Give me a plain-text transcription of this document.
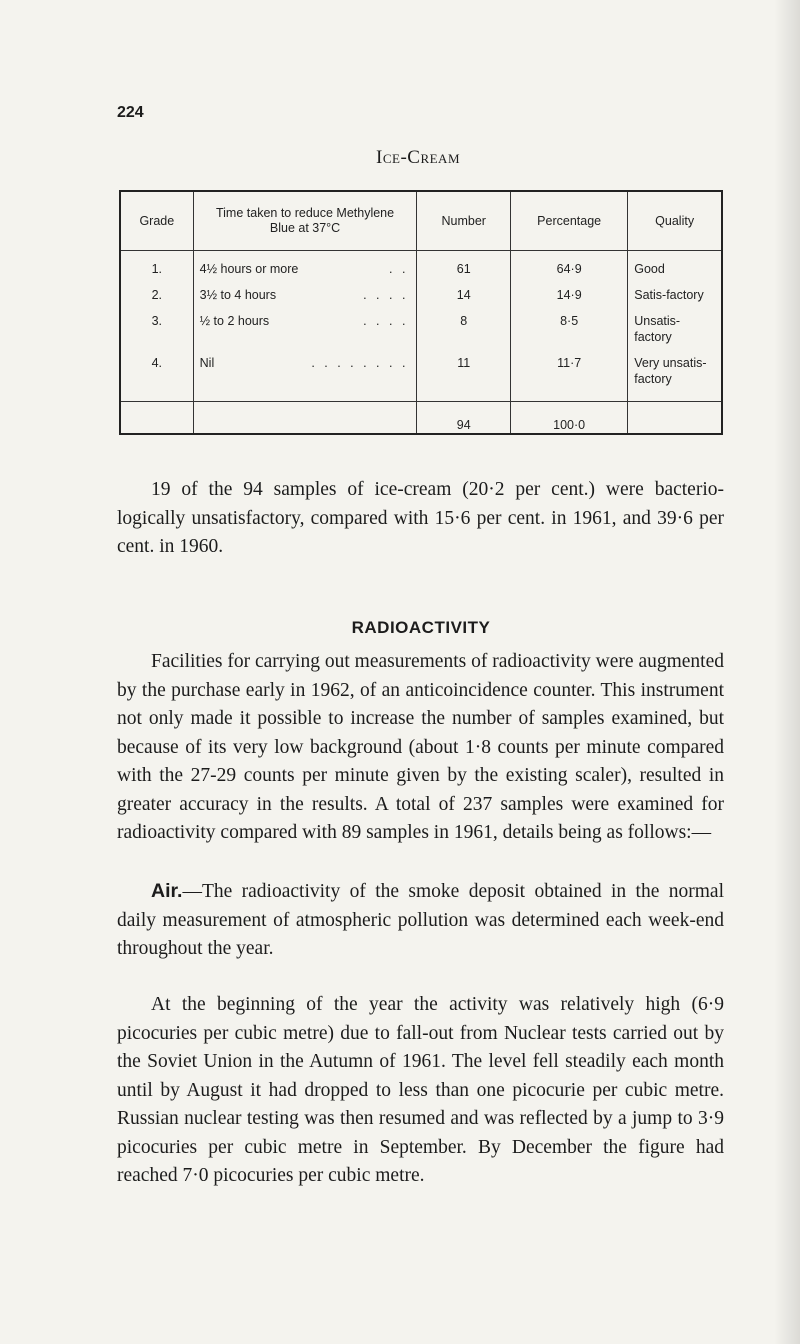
224
Ice-Cream
Grade	Time taken to reduce Methylene Blue at 37°C	Number	Percentage	Quality
1.	4½ hours or more . .	61	64·9	Good
2.	3½ to 4 hours . . . .	14	14·9	Satis-factory
3.	½ to 2 hours . . . .	8	8·5	Unsatis-factory
4.	Nil . . . . . . . .	11	11·7	Very unsatis-factory
		94	100·0	

19 of the 94 samples of ice-cream (20·2 per cent.) were bacterio-logically unsatisfactory, compared with 15·6 per cent. in 1961, and 39·6 per cent. in 1960.

RADIOACTIVITY

Facilities for carrying out measurements of radioactivity were augmented by the purchase early in 1962, of an anticoincidence counter. This instrument not only made it possible to increase the number of samples examined, but because of its very low background (about 1·8 counts per minute compared with the 27-29 counts per minute given by the existing scaler), resulted in greater accuracy in the results. A total of 237 samples were examined for radioactivity compared with 89 samples in 1961, details being as follows:—

Air.—The radioactivity of the smoke deposit obtained in the normal daily measurement of atmospheric pollution was determined each week-end throughout the year.

At the beginning of the year the activity was relatively high (6·9 picocuries per cubic metre) due to fall-out from Nuclear tests carried out by the Soviet Union in the Autumn of 1961. The level fell steadily each month until by August it had dropped to less than one picocurie per cubic metre. Russian nuclear testing was then resumed and was reflected by a jump to 3·9 picocuries per cubic metre in September. By December the figure had reached 7·0 picocuries per cubic metre.
